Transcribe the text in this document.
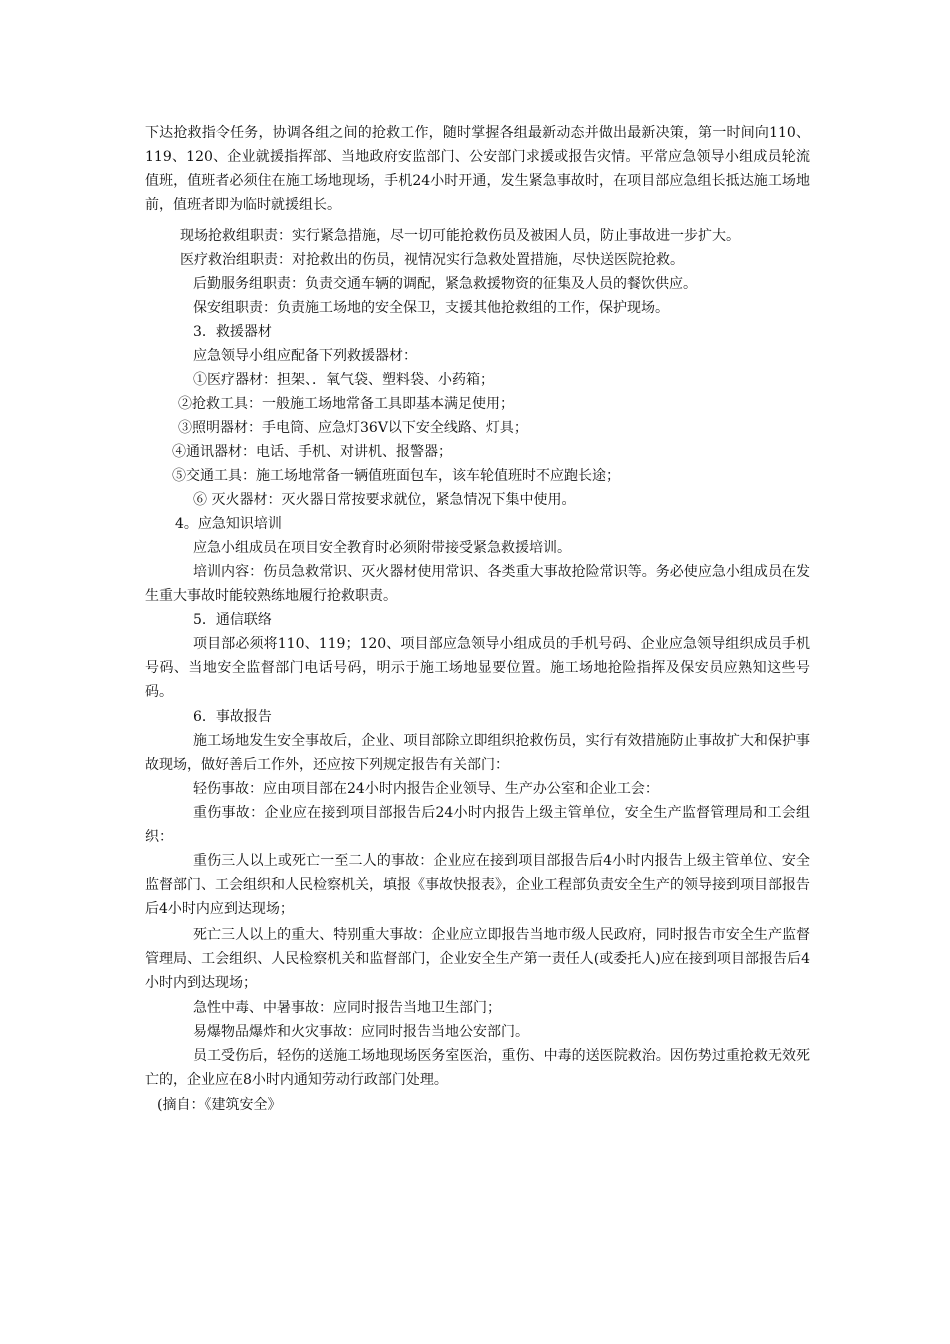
下达抢救指令任务，协调各组之间的抢救工作，随时掌握各组最新动态并做出最新决策，第一时间向110、119、120、企业就援指挥部、当地政府安监部门、公安部门求援或报告灾情。平常应急领导小组成员轮流值班，值班者必须住在施工场地现场，手机24小时开通，发生紧急事故时，在项目部应急组长抵达施工场地前，值班者即为临时就援组长。

现场抢救组职责：实行紧急措施，尽一切可能抢救伤员及被困人员，防止事故进一步扩大。

医疗救治组职责：对抢救出的伤员，视情况实行急救处置措施，尽快送医院抢救。

后勤服务组职责：负责交通车辆的调配，紧急救援物资的征集及人员的餐饮供应。

保安组职责：负责施工场地的安全保卫，支援其他抢救组的工作，保护现场。

3．救援器材

应急领导小组应配备下列救援器材：

①医疗器材：担架、．氧气袋、塑料袋、小药箱；

②抢救工具：一般施工场地常备工具即基本满足使用；

③照明器材：手电筒、应急灯36V以下安全线路、灯具；

④通讯器材：电话、手机、对讲机、报警器；

⑤交通工具：施工场地常备一辆值班面包车，该车轮值班时不应跑长途；

⑥ 灭火器材：灭火器日常按要求就位，紧急情况下集中使用。

4。应急知识培训

应急小组成员在项目安全教育时必须附带接受紧急救援培训。

培训内容：伤员急救常识、灭火器材使用常识、各类重大事故抢险常识等。务必使应急小组成员在发生重大事故时能较熟练地履行抢救职责。

5．通信联络

项目部必须将110、119；120、项目部应急领导小组成员的手机号码、企业应急领导组织成员手机号码、当地安全监督部门电话号码，明示于施工场地显要位置。施工场地抢险指挥及保安员应熟知这些号码。

6．事故报告

施工场地发生安全事故后，企业、项目部除立即组织抢救伤员，实行有效措施防止事故扩大和保护事故现场，做好善后工作外，还应按下列规定报告有关部门：

轻伤事故：应由项目部在24小时内报告企业领导、生产办公室和企业工会：

重伤事故：企业应在接到项目部报告后24小时内报告上级主管单位，安全生产监督管理局和工会组织：

重伤三人以上或死亡一至二人的事故：企业应在接到项目部报告后4小时内报告上级主管单位、安全监督部门、工会组织和人民检察机关，填报《事故快报表》，企业工程部负责安全生产的领导接到项目部报告后4小时内应到达现场；

死亡三人以上的重大、特别重大事故：企业应立即报告当地市级人民政府，同时报告市安全生产监督管理局、工会组织、人民检察机关和监督部门，企业安全生产第一责任人(或委托人)应在接到项目部报告后4小时内到达现场；

急性中毒、中暑事故：应同时报告当地卫生部门；

易爆物品爆炸和火灾事故：应同时报告当地公安部门。

员工受伤后，轻伤的送施工场地现场医务室医治，重伤、中毒的送医院救治。因伤势过重抢救无效死亡的，企业应在8小时内通知劳动行政部门处理。

(摘自：《建筑安全》
